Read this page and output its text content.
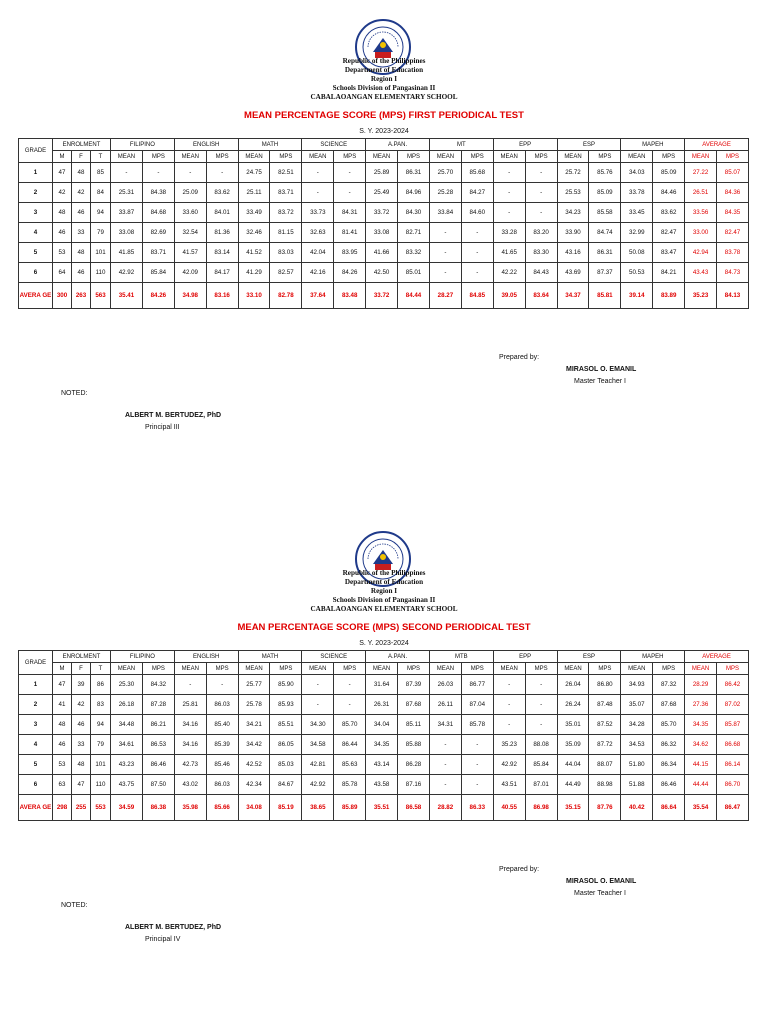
Republic of the Philippines
Department of Education
Region I
Schools Division of Pangasinan II
CABALAOANGAN ELEMENTARY SCHOOL
MEAN PERCENTAGE SCORE (MPS) FIRST PERIODICAL TEST
S. Y. 2023-2024
GRADE	ENROLMENT			FILIPINO		ENGLISH		MATH		SCIENCE		A.PAN.		MT		EPP		ESP		MAPEH		AVERAGE	
	M	F	T	MEAN	MPS	MEAN	MPS	MEAN	MPS	MEAN	MPS	MEAN	MPS	MEAN	MPS	MEAN	MPS	MEAN	MPS	MEAN	MPS	MEAN	MPS
1	47	48	85	-	-	-	-	24.75	82.51	-	-	25.89	86.31	25.70	85.68	-	-	25.72	85.76	34.03	85.09	27.22	85.07
2	42	42	84	25.31	84.38	25.09	83.62	25.11	83.71	-	-	25.49	84.96	25.28	84.27	-	-	25.53	85.09	33.78	84.46	26.51	84.36
3	48	46	94	33.87	84.68	33.60	84.01	33.49	83.72	33.73	84.31	33.72	84.30	33.84	84.60	-	-	34.23	85.58	33.45	83.62	33.56	84.35
4	46	33	79	33.08	82.69	32.54	81.36	32.46	81.15	32.63	81.41	33.08	82.71	-	-	33.28	83.20	33.90	84.74	32.99	82.47	33.00	82.47
5	53	48	101	41.85	83.71	41.57	83.14	41.52	83.03	42.04	83.95	41.66	83.32	-	-	41.65	83.30	43.16	86.31	50.08	83.47	42.94	83.78
6	64	46	110	42.92	85.84	42.09	84.17	41.29	82.57	42.16	84.26	42.50	85.01	-	-	42.22	84.43	43.69	87.37	50.53	84.21	43.43	84.73
AVERA GE	300	263	563	35.41	84.26	34.98	83.16	33.10	82.78	37.64	83.48	33.72	84.44	28.27	84.85	39.05	83.64	34.37	85.81	39.14	83.89	35.23	84.13
Prepared by:
MIRASOL O. EMANIL
Master Teacher I
NOTED:
ALBERT M. BERTUDEZ, PhD
Principal III
Republic of the Philippines
Department of Education
Region I
Schools Division of Pangasinan II
CABALAOANGAN ELEMENTARY SCHOOL
MEAN PERCENTAGE SCORE (MPS) SECOND PERIODICAL TEST
S. Y. 2023-2024
GRADE	ENROLMENT			FILIPINO		ENGLISH		MATH		SCIENCE		A.PAN.		MTB		EPP		ESP		MAPEH		AVERAGE	
	M	F	T	MEAN	MPS	MEAN	MPS	MEAN	MPS	MEAN	MPS	MEAN	MPS	MEAN	MPS	MEAN	MPS	MEAN	MPS	MEAN	MPS	MEAN	MPS
1	47	39	86	25.30	84.32	-	-	25.77	85.90	-	-	31.64	87.39	26.03	86.77	-	-	26.04	86.80	34.93	87.32	28.29	86.42
2	41	42	83	26.18	87.28	25.81	86.03	25.78	85.93	-	-	26.31	87.68	26.11	87.04	-	-	26.24	87.48	35.07	87.68	27.36	87.02
3	48	46	94	34.48	86.21	34.16	85.40	34.21	85.51	34.30	85.70	34.04	85.11	34.31	85.78	-	-	35.01	87.52	34.28	85.70	34.35	85.87
4	46	33	79	34.61	86.53	34.16	85.39	34.42	86.05	34.58	86.44	34.35	85.88	-	-	35.23	88.08	35.09	87.72	34.53	86.32	34.62	86.68
5	53	48	101	43.23	86.46	42.73	85.46	42.52	85.03	42.81	85.63	43.14	86.28	-	-	42.92	85.84	44.04	88.07	51.80	86.34	44.15	86.14
6	63	47	110	43.75	87.50	43.02	86.03	42.34	84.67	42.92	85.78	43.58	87.16	-	-	43.51	87.01	44.49	88.98	51.88	86.46	44.44	86.70
AVERA GE	298	255	553	34.59	86.38	35.98	85.66	34.08	85.19	38.65	85.89	35.51	86.58	28.82	86.33	40.55	86.98	35.15	87.76	40.42	86.64	35.54	86.47
Prepared by:
MIRASOL O. EMANIL
Master Teacher I
NOTED:
ALBERT M. BERTUDEZ, PhD
Principal IV
